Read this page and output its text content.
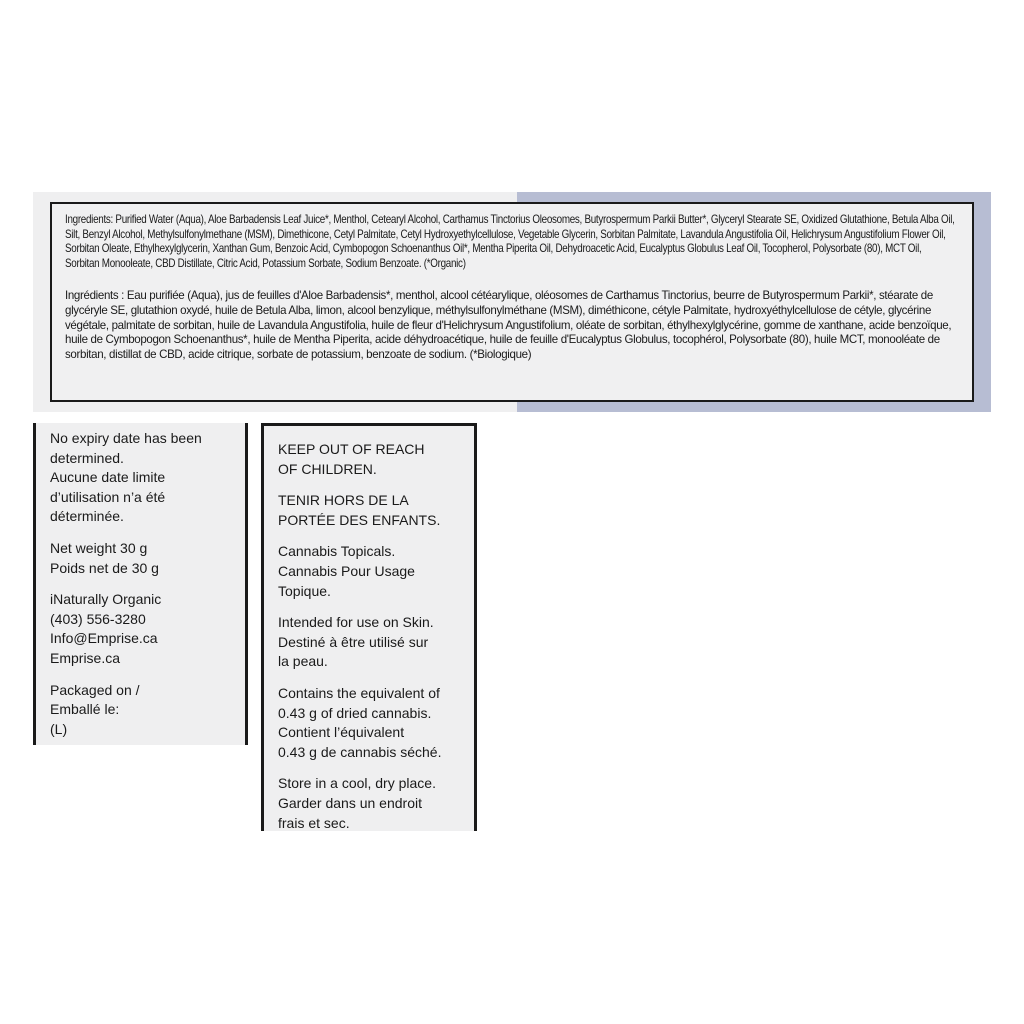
Ingredients: Purified Water (Aqua), Aloe Barbadensis Leaf Juice*, Menthol, Cetearyl Alcohol, Carthamus Tinctorius Oleosomes, Butyrospermum Parkii Butter*, Glyceryl Stearate SE, Oxidized Glutathione, Betula Alba Oil, Silt, Benzyl Alcohol, Methylsulfonylmethane (MSM), Dimethicone, Cetyl Palmitate, Cetyl Hydroxyethylcellulose, Vegetable Glycerin, Sorbitan Palmitate, Lavandula Angustifolia Oil, Helichrysum Angustifolium Flower Oil, Sorbitan Oleate, Ethylhexylglycerin, Xanthan Gum, Benzoic Acid, Cymbopogon Schoenanthus Oil*, Mentha Piperita Oil, Dehydroacetic Acid, Eucalyptus Globulus Leaf Oil, Tocopherol, Polysorbate (80), MCT Oil, Sorbitan Monooleate, CBD Distillate, Citric Acid, Potassium Sorbate, Sodium Benzoate. (*Organic)

Ingrédients : Eau purifiée (Aqua), jus de feuilles d'Aloe Barbadensis*, menthol, alcool cétéarylique, oléosomes de Carthamus Tinctorius, beurre de Butyrospermum Parkii*, stéarate de glycéryle SE, glutathion oxydé, huile de Betula Alba, limon, alcool benzylique, méthylsulfonylméthane (MSM), diméthicone, cétyle Palmitate, hydroxyéthylcellulose de cétyle, glycérine végétale, palmitate de sorbitan, huile de Lavandula Angustifolia, huile de fleur d'Helichrysum Angustifolium, oléate de sorbitan, éthylhexylglycérine, gomme de xanthane, acide benzoïque, huile de Cymbopogon Schoenanthus*, huile de Mentha Piperita, acide déhydroacétique, huile de feuille d'Eucalyptus Globulus, tocophérol, Polysorbate (80), huile MCT, monooléate de sorbitan, distillat de CBD, acide citrique, sorbate de potassium, benzoate de sodium. (*Biologique)

No expiry date has been
determined.
Aucune date limite
d’utilisation n’a été
déterminée.
Net weight 30 g
Poids net de 30 g
iNaturally Organic
(403) 556-3280
Info@Emprise.ca
Emprise.ca
Packaged on /
Emballé le:
(L)
KEEP OUT OF REACH
OF CHILDREN.
TENIR HORS DE LA
PORTÉE DES ENFANTS.
Cannabis Topicals.
Cannabis Pour Usage
Topique.
Intended for use on Skin.
Destiné à être utilisé sur
la peau.
Contains the equivalent of
0.43 g of dried cannabis.
Contient l’équivalent
0.43 g de cannabis séché.
Store in a cool, dry place.
Garder dans un endroit
frais et sec.
